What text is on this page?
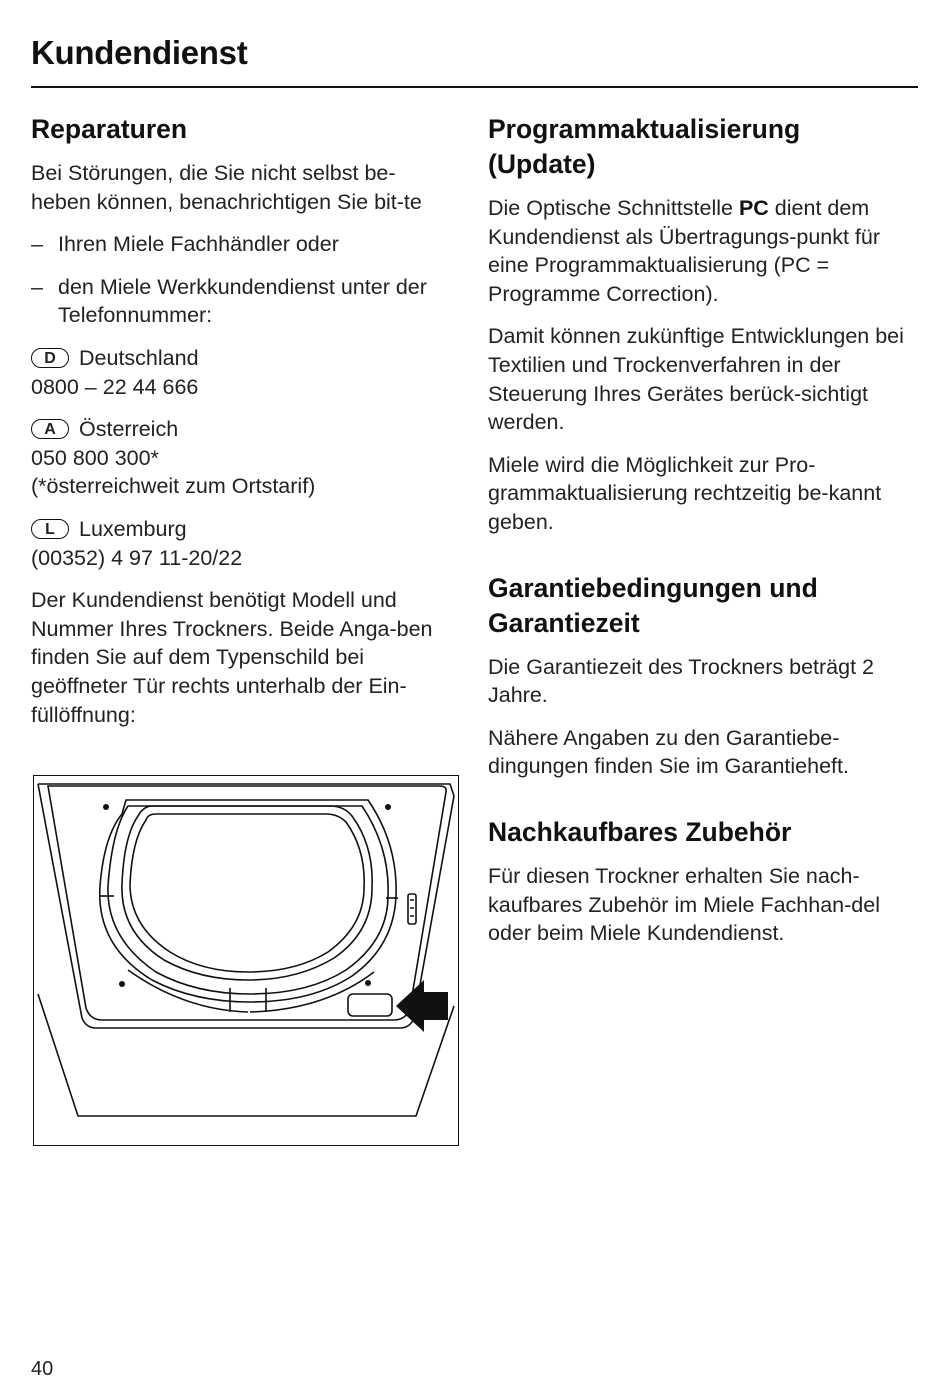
Kundendienst
Reparaturen

Bei Störungen, die Sie nicht selbst be-heben können, benachrichtigen Sie bit-te

– Ihren Miele Fachhändler oder
– den Miele Werkkundendienst unter der Telefonnummer:

D Deutschland
0800 – 22 44 666

A Österreich
050 800 300*
(*österreichweit zum Ortstarif)

L Luxemburg
(00352) 4 97 11-20/22

Der Kundendienst benötigt Modell und Nummer Ihres Trockners. Beide Anga-ben finden Sie auf dem Typenschild bei geöffneter Tür rechts unterhalb der Ein-füllöffnung:

Programmaktualisierung (Update)

Die Optische Schnittstelle PC dient dem Kundendienst als Übertragungs-punkt für eine Programmaktualisierung (PC = Programme Correction).

Damit können zukünftige Entwicklungen bei Textilien und Trockenverfahren in der Steuerung Ihres Gerätes berück-sichtigt werden.

Miele wird die Möglichkeit zur Pro-grammaktualisierung rechtzeitig be-kannt geben.

Garantiebedingungen und Garantiezeit

Die Garantiezeit des Trockners beträgt 2 Jahre.

Nähere Angaben zu den Garantiebe-dingungen finden Sie im Garantieheft.

Nachkaufbares Zubehör

Für diesen Trockner erhalten Sie nach-kaufbares Zubehör im Miele Fachhan-del oder beim Miele Kundendienst.

40
